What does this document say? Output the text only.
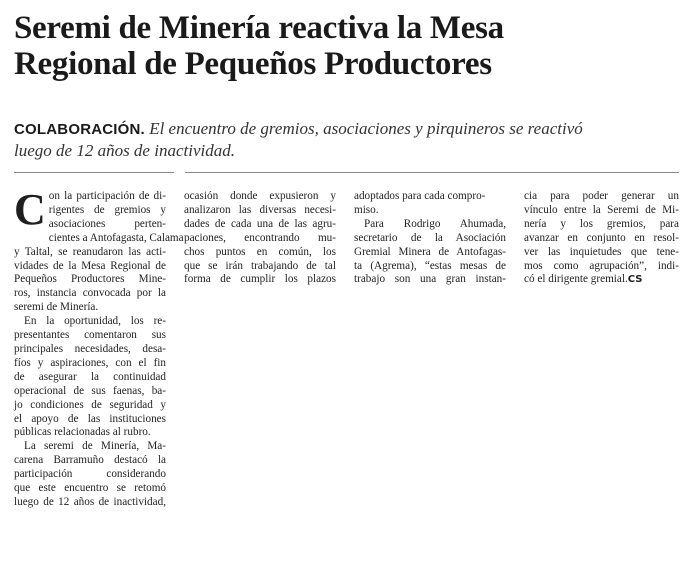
Seremi de Minería reactiva la Mesa
Regional de Pequeños Productores
COLABORACIÓN. El encuentro de gremios, asociaciones y pirquineros se reactivó
luego de 12 años de inactividad.
C on la participación de di-
rigentes de gremios y
asociaciones perten-
cientes a Antofagasta, Calama
y Taltal, se reanudaron las acti-
vidades de la Mesa Regional de
Pequeños Productores Mine-
ros, instancia convocada por la
seremi de Minería.
En la oportunidad, los re-
presentantes comentaron sus
principales necesidades, desa-
fíos y aspiraciones, con el fin
de asegurar la continuidad
operacional de sus faenas, ba-
jo condiciones de seguridad y
el apoyo de las instituciones
públicas relacionadas al rubro.
La seremi de Minería, Ma-
carena Barramuño destacó la
participación considerando
que este encuentro se retomó
luego de 12 años de inactividad,
ocasión donde expusieron y
analizaron las diversas necesi-
dades de cada una de las agru-
paciones, encontrando mu-
chos puntos en común, los
que se irán trabajando de tal
forma de cumplir los plazos
adoptados para cada compro-
miso.
Para Rodrigo Ahumada,
secretario de la Asociación
Gremial Minera de Antofagas-
ta (Agrema), “estas mesas de
trabajo son una gran instan-
cia para poder generar un
vínculo entre la Seremi de Mi-
nería y los gremios, para
avanzar en conjunto en resol-
ver las inquietudes que tene-
mos como agrupación”, indi-
có el dirigente gremial.CS
